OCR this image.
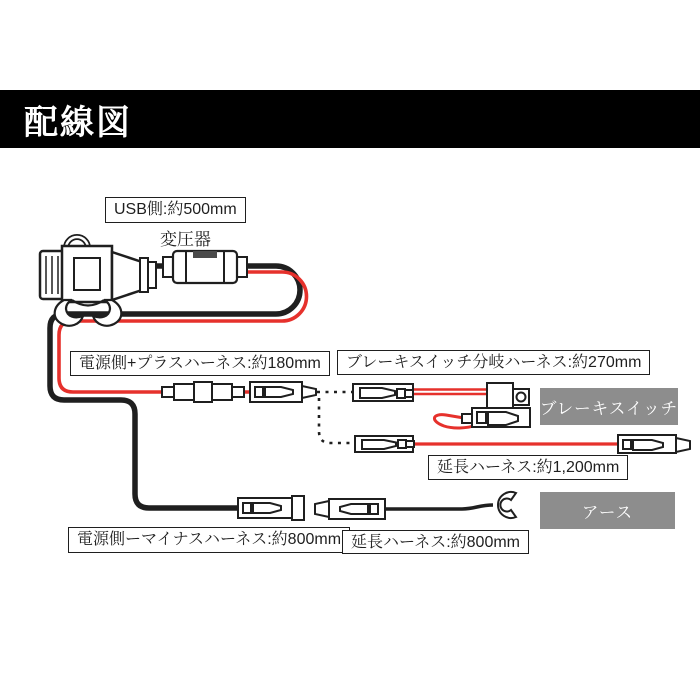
配線図
USB側:約500mm
変圧器
電源側+プラスハーネス:約180mm	ブレーキスイッチ分岐ハーネス:約270mm
延長ハーネス:約1,200mm
電源側ーマイナスハーネス:約800mm 延長ハーネス:約800mm
ブレーキスイッチ
アース
